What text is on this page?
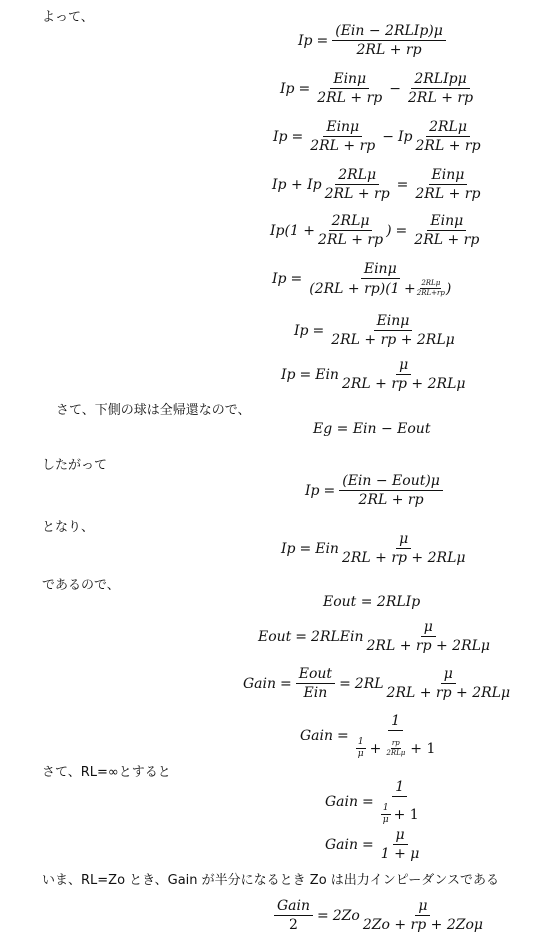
よって、
$Ip = \frac{\text{(Ein − 2RLIp)μ}}{2RL + rp}$
$Ip = \frac{\text{Einμ}}{2RL + rp} - \frac{\text{2RLIpμ}}{2RL + rp}$
$Ip = \frac{\text{Einμ}}{2RL + rp} - Ip \frac{\text{2RLμ}}{2RL + rp}$
Ip + Ip $\frac{\text{2RLμ}}{2RL + rp} = \frac{\text{Einμ}}{2RL + rp}$
$Ip(1 + \frac{\text{2RLμ}}{2RL + rp}$ ) = $\frac{\text{Einμ}}{2RL + rp}$
Ip =
Einμ
$(2RL + rp)(1 + \frac{\text{2RLμ}}{2RL+rp}$ )
$Ip = \frac{\text{Einμ}}{\text{2RL + rp + 2RLμ}}$
Ip = Ein $\frac{\mu}{\text{2RL + rp + 2RLμ}}$
さて、下側の球は全帰還なので、
Eg = Ein − Eout
したがって
$Ip = \frac{\text{(Ein − Eout)μ}}{2RL + rp}$
となり、
Ip = Ein $\frac{\mu}{\text{2RL + rp + 2RLμ}}$
であるので、
Eout = 2RLIp
Eout = 2RLEin $\frac{\mu}{\text{2RL + rp + 2RLμ}}$
Gain = $\frac{\text{Eout}}{\text{Ein}} = 2RL \frac{\mu}{\text{2RL + rp + 2RLμ}}$
Gain =
1
$\frac{1}{\mu} + \frac{rp}{\text{2RLμ}} + 1$
さて、RL=∞とすると
Gain = $\frac{1}{\frac{1}{\mu} + 1}$
Gain = $\frac{\mu}{1 + \mu}$
いま、RL=Zo とき、Gain が半分になるとき Zo は出力インピーダンスである
$\frac{\text{Gain}}{2} = 2Zo \frac{\mu}{\text{2Zo + rp + 2Zoμ}}$
